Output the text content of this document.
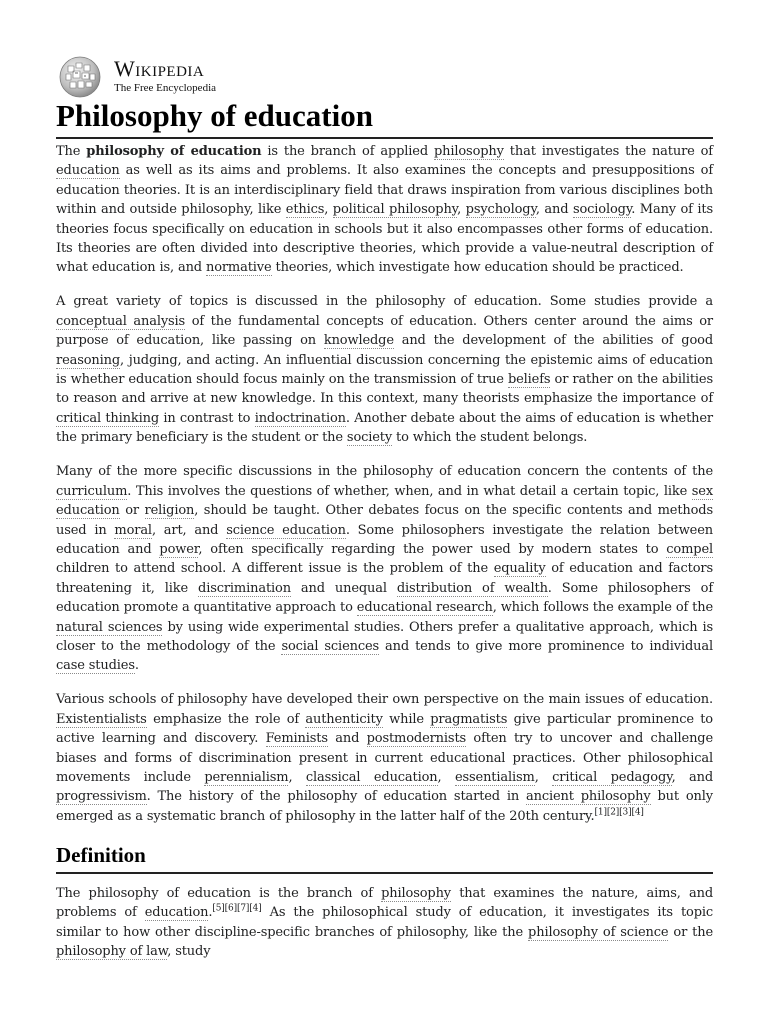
Wikipedia
The Free Encyclopedia
Philosophy of education

The philosophy of education is the branch of applied philosophy that investigates the nature of education as well as its aims and problems. It also examines the concepts and presuppositions of education theories. It is an interdisciplinary field that draws inspiration from various disciplines both within and outside philosophy, like ethics, political philosophy, psychology, and sociology. Many of its theories focus specifically on education in schools but it also encompasses other forms of education. Its theories are often divided into descriptive theories, which provide a value-neutral description of what education is, and normative theories, which investigate how education should be practiced.

A great variety of topics is discussed in the philosophy of education. Some studies provide a conceptual analysis of the fundamental concepts of education. Others center around the aims or purpose of education, like passing on knowledge and the development of the abilities of good reasoning, judging, and acting. An influential discussion concerning the epistemic aims of education is whether education should focus mainly on the transmission of true beliefs or rather on the abilities to reason and arrive at new knowledge. In this context, many theorists emphasize the importance of critical thinking in contrast to indoctrination. Another debate about the aims of education is whether the primary beneficiary is the student or the society to which the student belongs.

Many of the more specific discussions in the philosophy of education concern the contents of the curriculum. This involves the questions of whether, when, and in what detail a certain topic, like sex education or religion, should be taught. Other debates focus on the specific contents and methods used in moral, art, and science education. Some philosophers investigate the relation between education and power, often specifically regarding the power used by modern states to compel children to attend school. A different issue is the problem of the equality of education and factors threatening it, like discrimination and unequal distribution of wealth. Some philosophers of education promote a quantitative approach to educational research, which follows the example of the natural sciences by using wide experimental studies. Others prefer a qualitative approach, which is closer to the methodology of the social sciences and tends to give more prominence to individual case studies.

Various schools of philosophy have developed their own perspective on the main issues of education. Existentialists emphasize the role of authenticity while pragmatists give particular prominence to active learning and discovery. Feminists and postmodernists often try to uncover and challenge biases and forms of discrimination present in current educational practices. Other philosophical movements include perennialism, classical education, essentialism, critical pedagogy, and progressivism. The history of the philosophy of education started in ancient philosophy but only emerged as a systematic branch of philosophy in the latter half of the 20th century.[1][2][3][4]

Definition

The philosophy of education is the branch of philosophy that examines the nature, aims, and problems of education.[5][6][7][4] As the philosophical study of education, it investigates its topic similar to how other discipline-specific branches of philosophy, like the philosophy of science or the philosophy of law, study
